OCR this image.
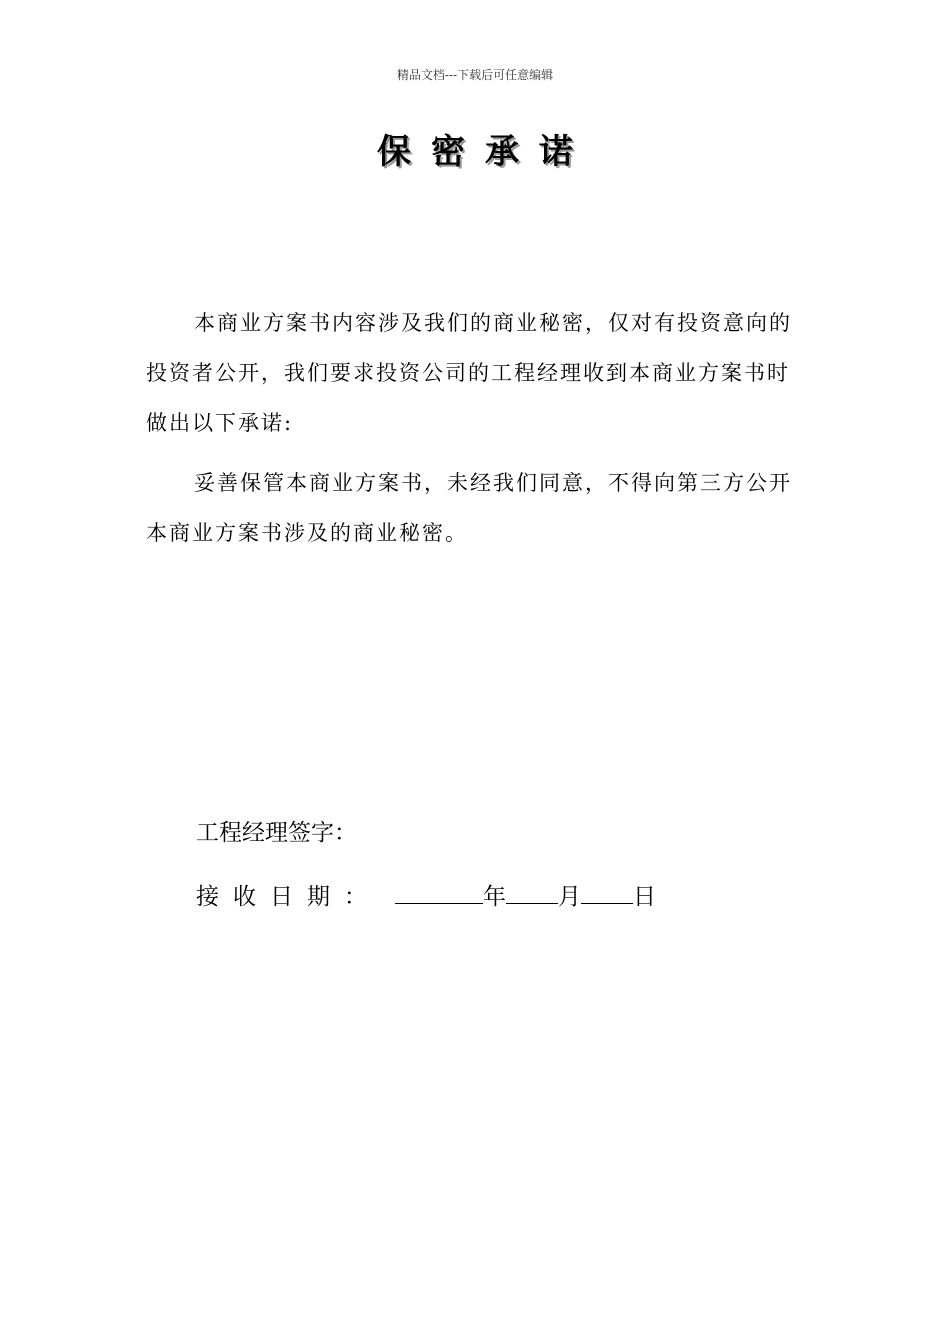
精品文档---下载后可任意编辑
保密承诺

本商业方案书内容涉及我们的商业秘密，仅对有投资意向的投资者公开，我们要求投资公司的工程经理收到本商业方案书时做出以下承诺:

妥善保管本商业方案书，未经我们同意，不得向第三方公开本商业方案书涉及的商业秘密。

工程经理签字：
接收日期：	年 月 日
